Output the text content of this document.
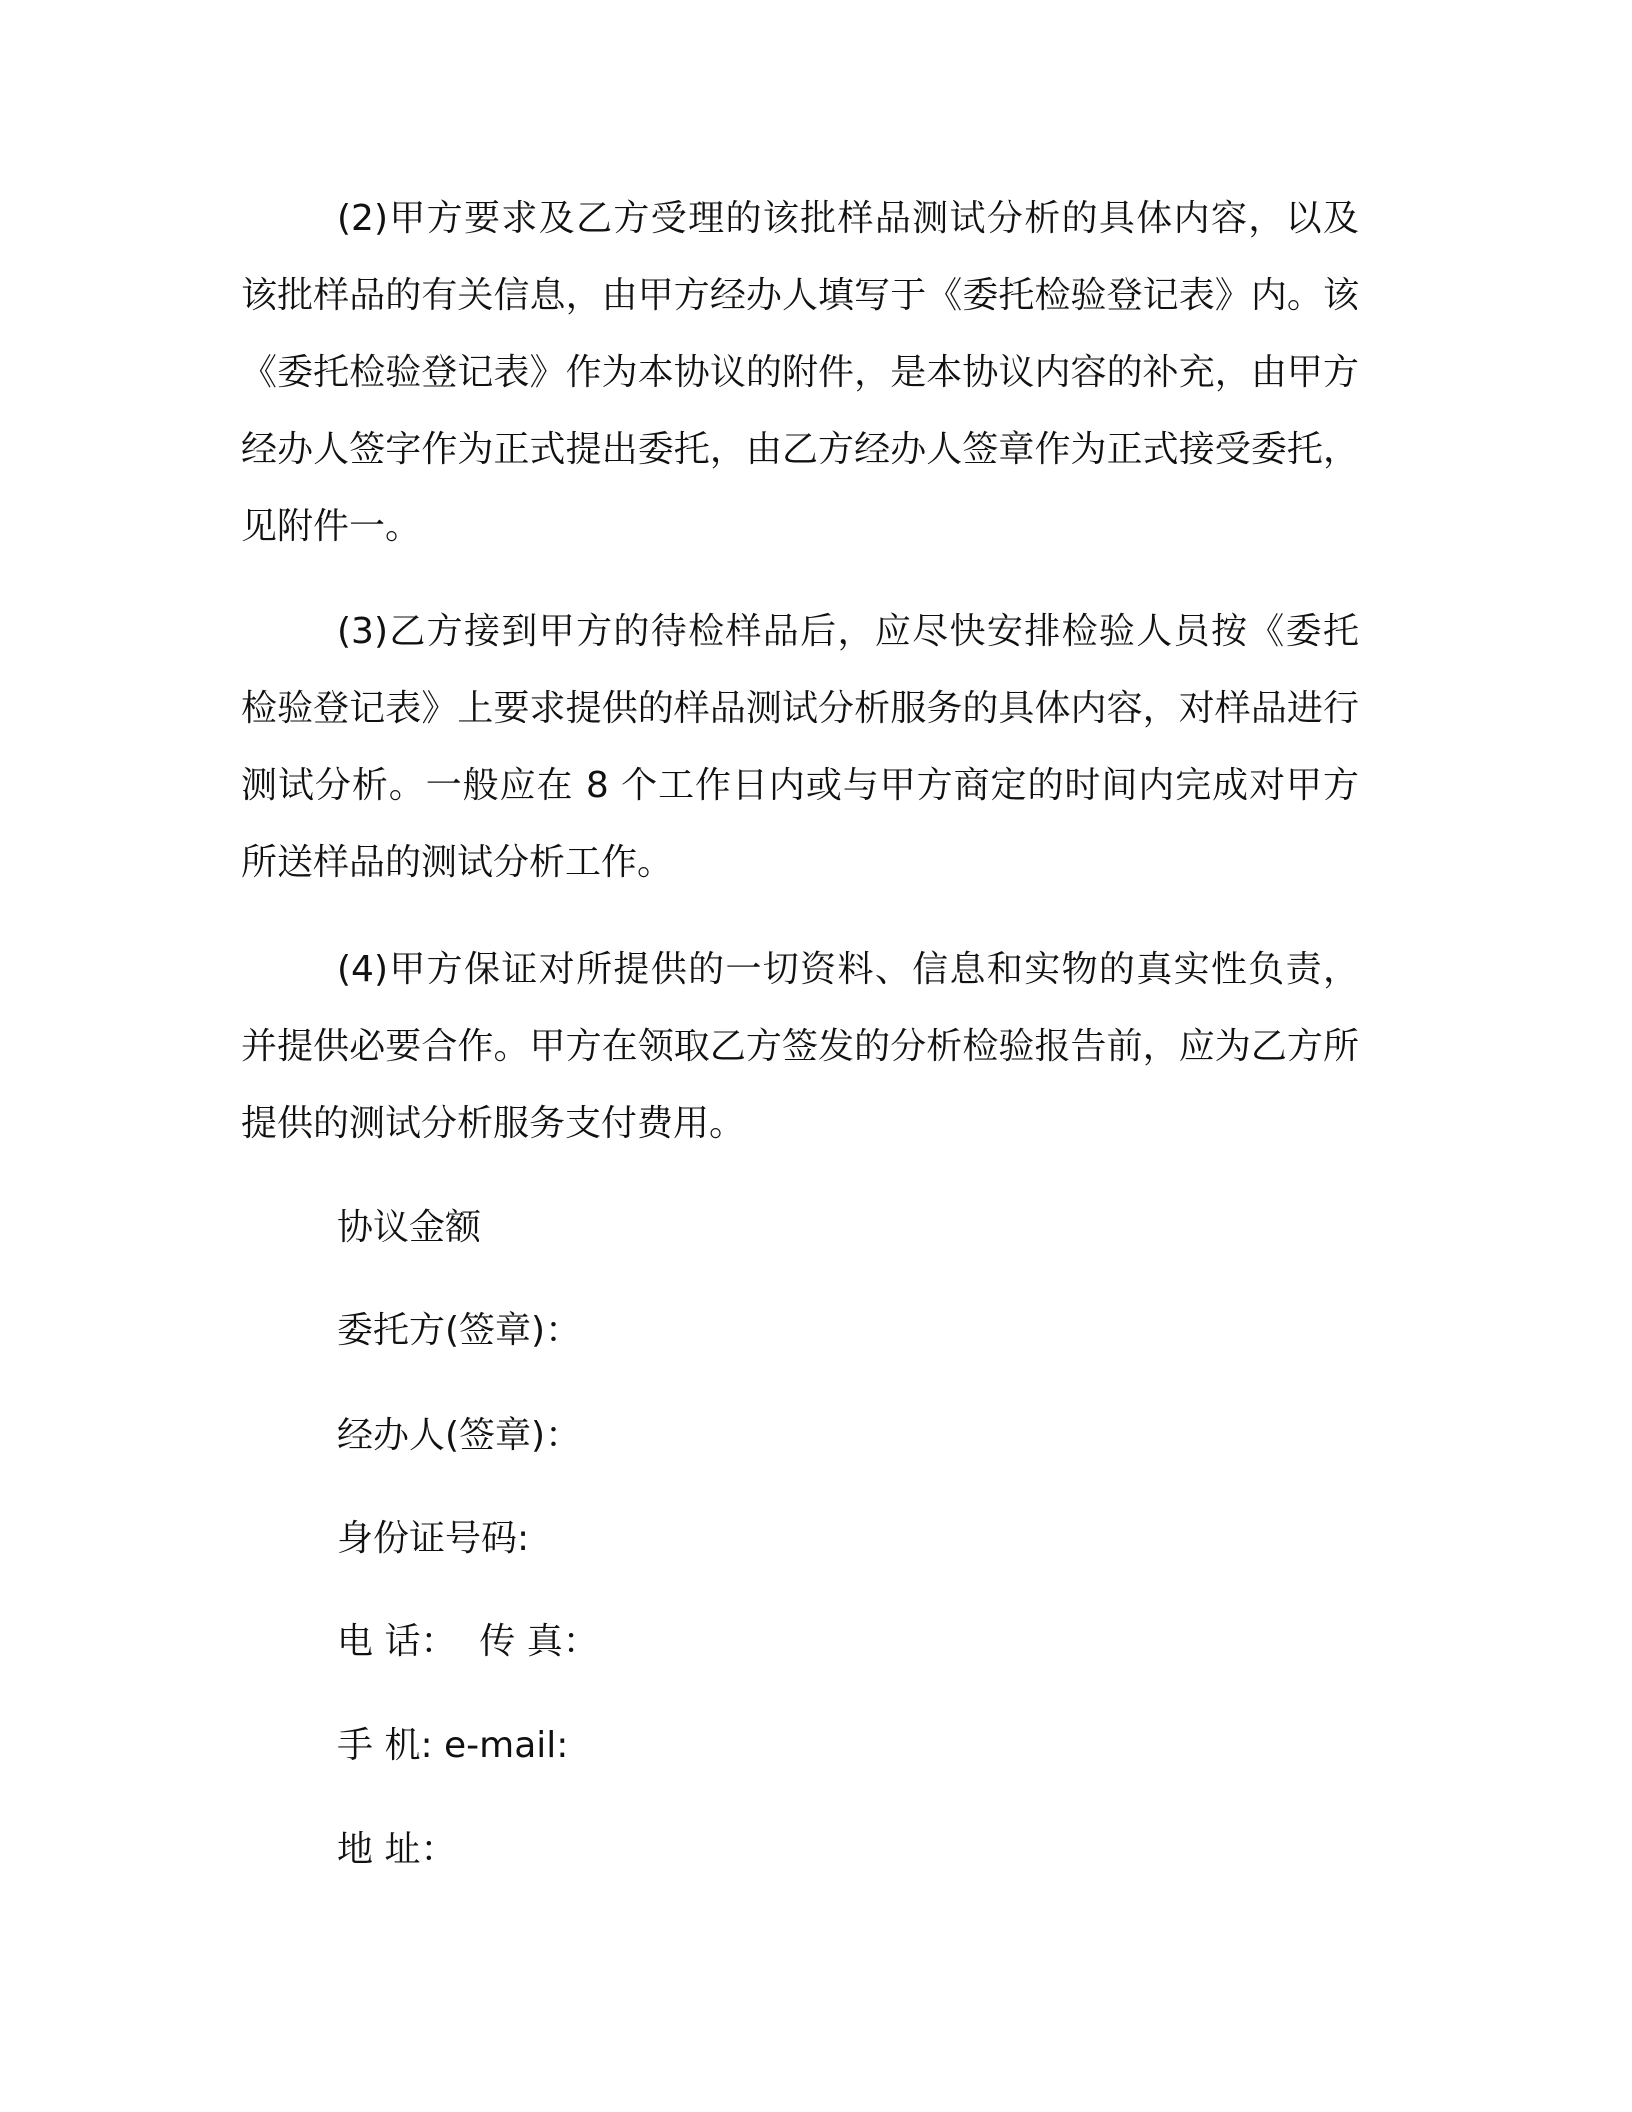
(2)甲方要求及乙方受理的该批样品测试分析的具体内容，以及该批样品的有关信息，由甲方经办人填写于《委托检验登记表》内。该《委托检验登记表》作为本协议的附件，是本协议内容的补充，由甲方经办人签字作为正式提出委托，由乙方经办人签章作为正式接受委托，见附件一。

(3)乙方接到甲方的待检样品后，应尽快安排检验人员按《委托检验登记表》上要求提供的样品测试分析服务的具体内容，对样品进行测试分析。一般应在 8 个工作日内或与甲方商定的时间内完成对甲方所送样品的测试分析工作。

(4)甲方保证对所提供的一切资料、信息和实物的真实性负责，并提供必要合作。甲方在领取乙方签发的分析检验报告前，应为乙方所提供的测试分析服务支付费用。

协议金额

委托方(签章)：

经办人(签章)：

身份证号码:

电 话：  传 真：

手 机: e-mail:

地 址：
